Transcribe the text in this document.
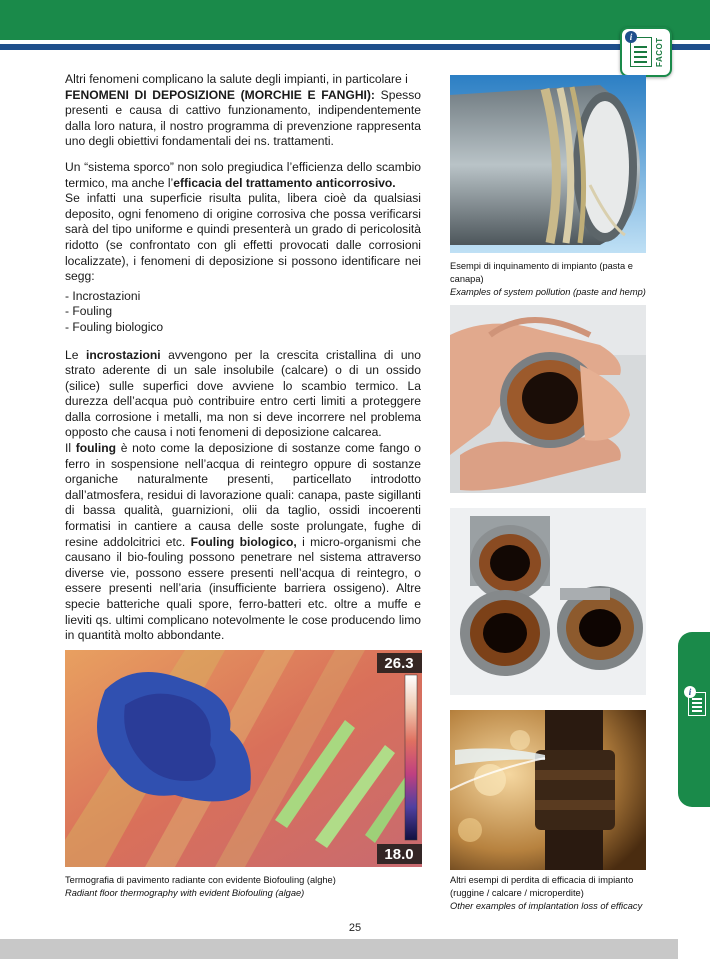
i
FACOT
i

Altri fenomeni complicano la salute degli impianti, in particolare i
FENOMENI DI DEPOSIZIONE (MORCHIE E FANGHI): Spesso presenti e causa di cattivo funzionamento, indipendentemente dalla loro natura, il nostro programma di prevenzione rappresenta uno degli obiettivi fondamentali dei ns. trattamenti.

Un “sistema sporco” non solo pregiudica l’efficienza dello scambio termico, ma anche l’efficacia del trattamento anticorrosivo.
Se infatti una superficie risulta pulita, libera cioè da qualsiasi deposito, ogni fenomeno di origine corrosiva che possa verificarsi sarà del tipo uniforme e quindi presenterà un grado di pericolosità ridotto (se confrontato con gli effetti provocati dalle corrosioni localizzate), i fenomeni di deposizione si possono identificare nei segg:

- Incrostazioni
- Fouling
- Fouling biologico

Le incrostazioni avvengono per la crescita cristallina di uno strato aderente di un sale insolubile (calcare) o di un ossido (silice) sulle superfici dove avviene lo scambio termico. La durezza dell’acqua può contribuire entro certi limiti a proteggere dalla corrosione i metalli, ma non si deve incorrere nel problema opposto che causa i noti fenomeni di deposizione calcarea.

Il fouling è noto come la deposizione di sostanze come fango o ferro in sospensione nell’acqua di reintegro oppure di sostanze organiche naturalmente presenti, particellato introdotto dall’atmosfera, residui di lavorazione quali: canapa, paste sigillanti di bassa qualità, guarnizioni, olii da taglio, ossidi incoerenti formatisi in cantiere a causa delle soste prolungate, fughe di resine addolcitrici etc. Fouling biologico, i micro-organismi che causano il bio-fouling possono penetrare nel sistema attraverso diverse vie, possono essere presenti nell’acqua di reintegro, o essere presenti nell’aria (insufficiente barriera ossigeno). Altre specie batteriche quali spore, ferro-batteri etc. oltre a muffe e lieviti qs. ultimi complicano notevolmente le cose producendo limo in quantità molto abbondante.

Esempi di inquinamento di impianto (pasta e canapa)
Examples of system pollution (paste and hemp)
Altri esempi di perdita di efficacia di impianto
(ruggine / calcare / microperdite)
Other examples of implantation loss of efficacy
26.3
18.0
Termografia di pavimento radiante con evidente Biofouling (alghe)
Radiant floor thermography with evident Biofouling (algae)
25
